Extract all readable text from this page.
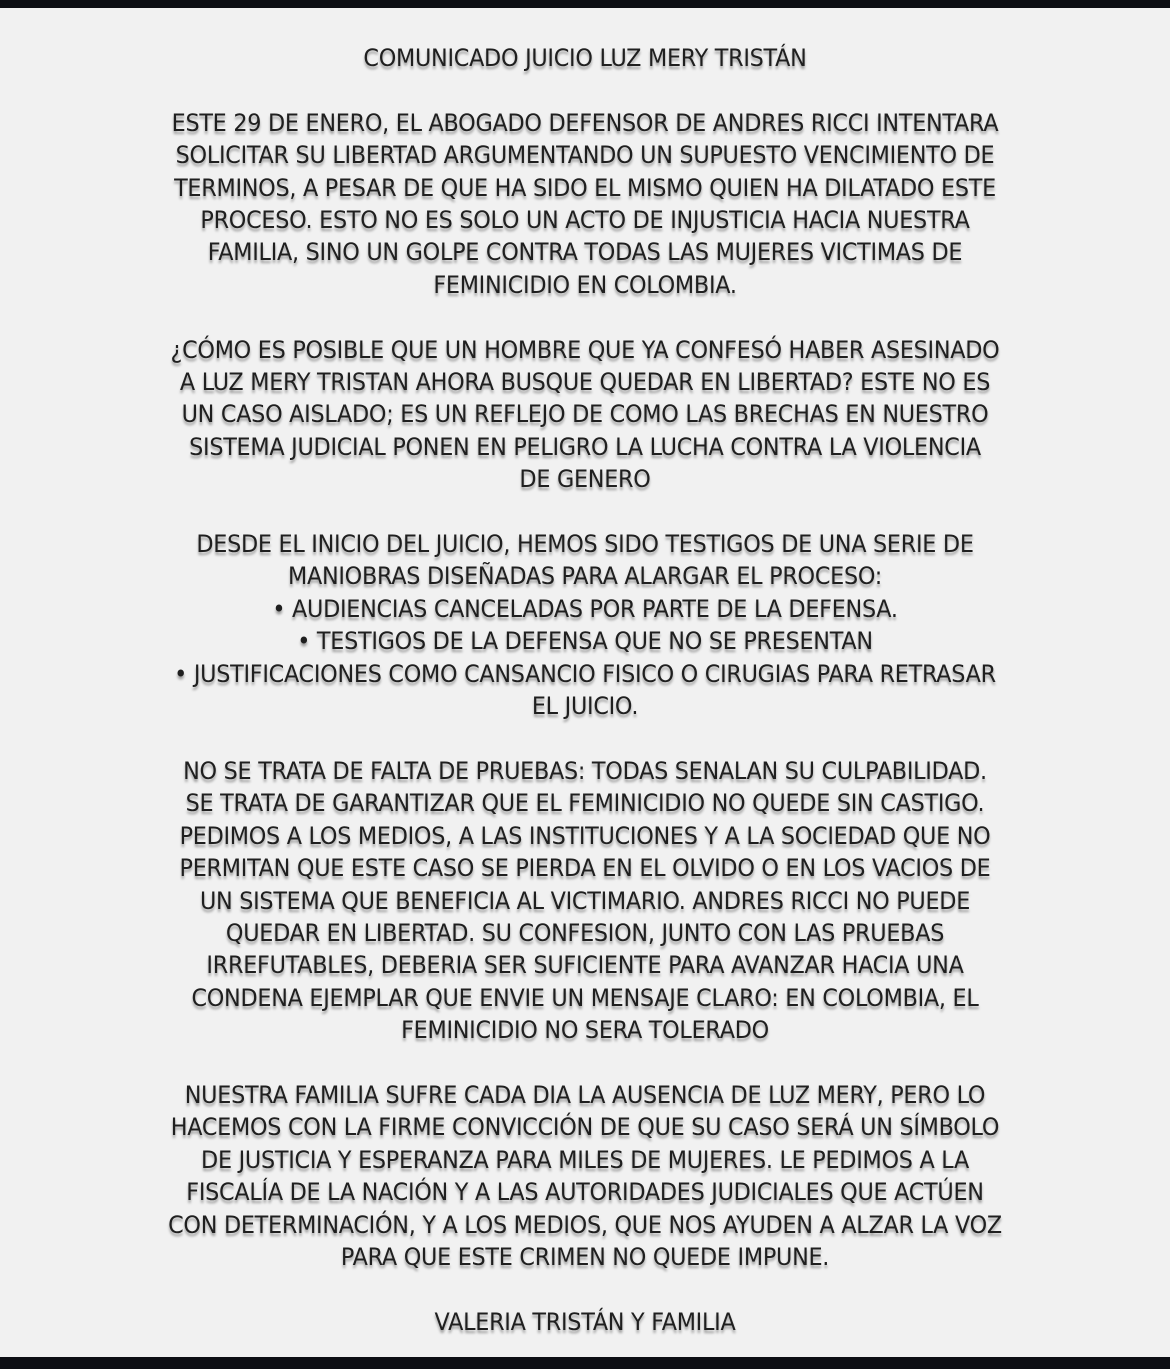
COMUNICADO JUICIO LUZ MERY TRISTÁN

ESTE 29 DE ENERO, EL ABOGADO DEFENSOR DE ANDRES RICCI INTENTARA
SOLICITAR SU LIBERTAD ARGUMENTANDO UN SUPUESTO VENCIMIENTO DE
TERMINOS, A PESAR DE QUE HA SIDO EL MISMO QUIEN HA DILATADO ESTE
PROCESO. ESTO NO ES SOLO UN ACTO DE INJUSTICIA HACIA NUESTRA
FAMILIA, SINO UN GOLPE CONTRA TODAS LAS MUJERES VICTIMAS DE
FEMINICIDIO EN COLOMBIA.

¿CÓMO ES POSIBLE QUE UN HOMBRE QUE YA CONFESÓ HABER ASESINADO
A LUZ MERY TRISTAN AHORA BUSQUE QUEDAR EN LIBERTAD? ESTE NO ES
UN CASO AISLADO; ES UN REFLEJO DE COMO LAS BRECHAS EN NUESTRO
SISTEMA JUDICIAL PONEN EN PELIGRO LA LUCHA CONTRA LA VIOLENCIA
DE GENERO

DESDE EL INICIO DEL JUICIO, HEMOS SIDO TESTIGOS DE UNA SERIE DE
MANIOBRAS DISEÑADAS PARA ALARGAR EL PROCESO:
• AUDIENCIAS CANCELADAS POR PARTE DE LA DEFENSA.
• TESTIGOS DE LA DEFENSA QUE NO SE PRESENTAN
• JUSTIFICACIONES COMO CANSANCIO FISICO O CIRUGIAS PARA RETRASAR
EL JUICIO.

NO SE TRATA DE FALTA DE PRUEBAS: TODAS SENALAN SU CULPABILIDAD.
SE TRATA DE GARANTIZAR QUE EL FEMINICIDIO NO QUEDE SIN CASTIGO.
PEDIMOS A LOS MEDIOS, A LAS INSTITUCIONES Y A LA SOCIEDAD QUE NO
PERMITAN QUE ESTE CASO SE PIERDA EN EL OLVIDO O EN LOS VACIOS DE
UN SISTEMA QUE BENEFICIA AL VICTIMARIO. ANDRES RICCI NO PUEDE
QUEDAR EN LIBERTAD. SU CONFESION, JUNTO CON LAS PRUEBAS
IRREFUTABLES, DEBERIA SER SUFICIENTE PARA AVANZAR HACIA UNA
CONDENA EJEMPLAR QUE ENVIE UN MENSAJE CLARO: EN COLOMBIA, EL
FEMINICIDIO NO SERA TOLERADO

NUESTRA FAMILIA SUFRE CADA DIA LA AUSENCIA DE LUZ MERY, PERO LO
HACEMOS CON LA FIRME CONVICCIÓN DE QUE SU CASO SERÁ UN SÍMBOLO
DE JUSTICIA Y ESPERANZA PARA MILES DE MUJERES. LE PEDIMOS A LA
FISCALÍA DE LA NACIÓN Y A LAS AUTORIDADES JUDICIALES QUE ACTÚEN
CON DETERMINACIÓN, Y A LOS MEDIOS, QUE NOS AYUDEN A ALZAR LA VOZ
PARA QUE ESTE CRIMEN NO QUEDE IMPUNE.

VALERIA TRISTÁN Y FAMILIA
